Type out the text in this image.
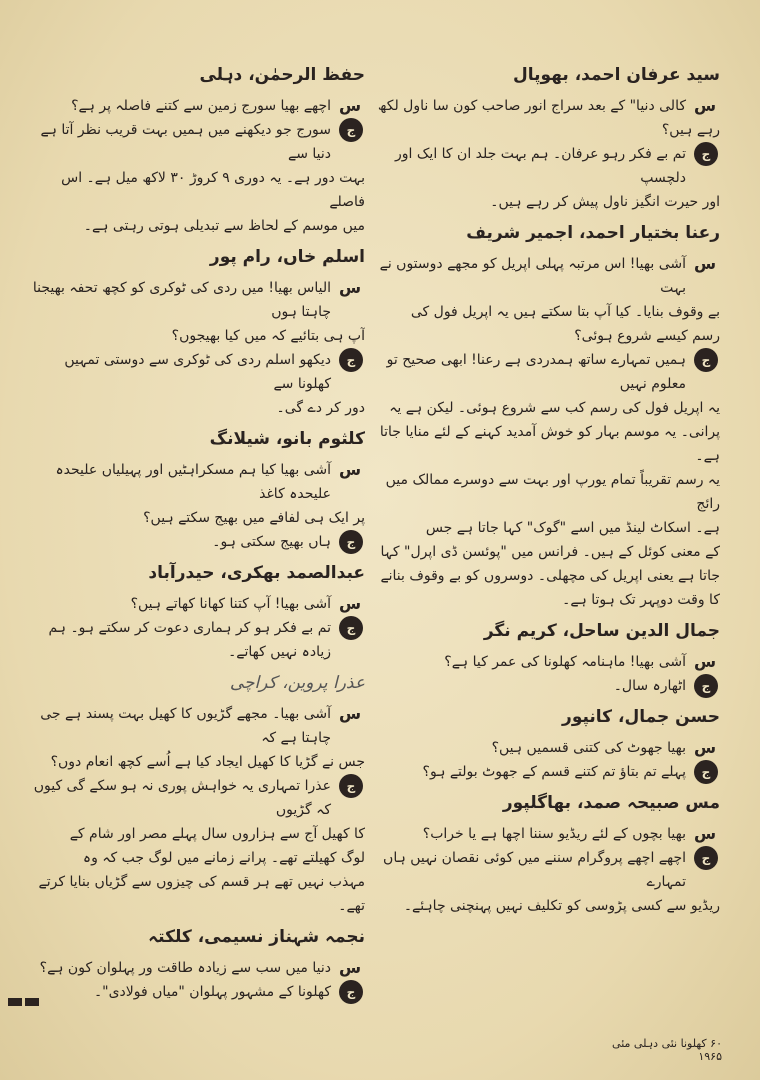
سید عرفان احمد، بھوپال
س
کالی دنیا" کے بعد سراج انور صاحب کون سا ناول لکھ
رہے ہیں؟
ج
تم بے فکر رہو عرفان۔ ہم بہت جلد ان کا ایک اور دلچسپ
اور حیرت انگیز ناول پیش کر رہے ہیں۔
رعنا بختیار احمد، اجمیر شریف
س
آشی بھیا! اس مرتبہ پہلی اپریل کو مجھے دوستوں نے بہت
بے وقوف بنایا۔ کیا آپ بتا سکتے ہیں یہ اپریل فول کی
رسم کیسے شروع ہوئی؟
ج
ہمیں تمہارے ساتھ ہمدردی ہے رعنا! ابھی صحیح تو معلوم نہیں
یہ اپریل فول کی رسم کب سے شروع ہوئی۔ لیکن ہے یہ
پرانی۔ یہ موسم بہار کو خوش آمدید کہنے کے لئے منایا جاتا ہے۔
یہ رسم تقریباً تمام یورپ اور بہت سے دوسرے ممالک میں رائج
ہے۔ اسکاٹ لینڈ میں اسے "گوک" کہا جاتا ہے جس
کے معنی کوئل کے ہیں۔ فرانس میں "پوئسن ڈی اپرل" کہا
جاتا ہے یعنی اپریل کی مچھلی۔ دوسروں کو بے وقوف بنانے
کا وقت دوپہر تک ہوتا ہے۔
جمال الدین ساحل، کریم نگر
س
آشی بھیا! ماہنامہ کھلونا کی عمر کیا ہے؟
ج
اٹھارہ سال۔
حسن جمال، کانپور
س
بھیا جھوٹ کی کتنی قسمیں ہیں؟
ج
پہلے تم بتاؤ تم کتنے قسم کے جھوٹ بولتے ہو؟
مس صبیحہ صمد، بھاگلپور
س
بھیا بچوں کے لئے ریڈیو سننا اچھا ہے یا خراب؟
ج
اچھے اچھے پروگرام سننے میں کوئی نقصان نہیں ہاں تمہارے
ریڈیو سے کسی پڑوسی کو تکلیف نہیں پہنچنی چاہئے۔
حفظ الرحمٰن، دہلی
س
اچھے بھیا سورج زمین سے کتنے فاصلہ پر ہے؟
ج
سورج جو دیکھنے میں ہمیں بہت قریب نظر آتا ہے دنیا سے
بہت دور ہے۔ یہ دوری ۹ کروڑ ۳۰ لاکھ میل ہے۔ اس فاصلے
میں موسم کے لحاظ سے تبدیلی ہوتی رہتی ہے۔
اسلم خاں، رام پور
س
الیاس بھیا! میں ردی کی ٹوکری کو کچھ تحفہ بھیجنا چاہتا ہوں
آپ ہی بتائیے کہ میں کیا بھیجوں؟
ج
دیکھو اسلم ردی کی ٹوکری سے دوستی تمہیں کھلونا سے
دور کر دے گی۔
کلثوم بانو، شیلانگ
س
آشی بھیا کیا ہم مسکراہٹیں اور پہیلیاں علیحدہ علیحدہ کاغذ
پر ایک ہی لفافے میں بھیج سکتے ہیں؟
ج
ہاں بھیج سکتی ہو۔
عبدالصمد بھکری، حیدرآباد
س
آشی بھیا! آپ کتنا کھانا کھاتے ہیں؟
ج
تم بے فکر ہو کر ہماری دعوت کر سکتے ہو۔ ہم زیادہ نہیں کھاتے۔
عذرا پروین، کراچی
س
آشی بھیا۔ مجھے گڑیوں کا کھیل بہت پسند ہے جی چاہتا ہے کہ
جس نے گڑیا کا کھیل ایجاد کیا ہے اُسے کچھ انعام دوں؟
ج
عذرا تمہاری یہ خواہش پوری نہ ہو سکے گی کیوں کہ گڑیوں
کا کھیل آج سے ہزاروں سال پہلے مصر اور شام کے
لوگ کھیلتے تھے۔ پرانے زمانے میں لوگ جب کہ وہ
مہذب نہیں تھے ہر قسم کی چیزوں سے گڑیاں بنایا کرتے تھے۔
نجمہ شہناز نسیمی، کلکتہ
س
دنیا میں سب سے زیادہ طاقت ور پہلوان کون ہے؟
ج
کھلونا کے مشہور پہلوان "میاں فولادی"۔
۶۰ کھلونا نئی دہلی مئی ۱۹۶۵
